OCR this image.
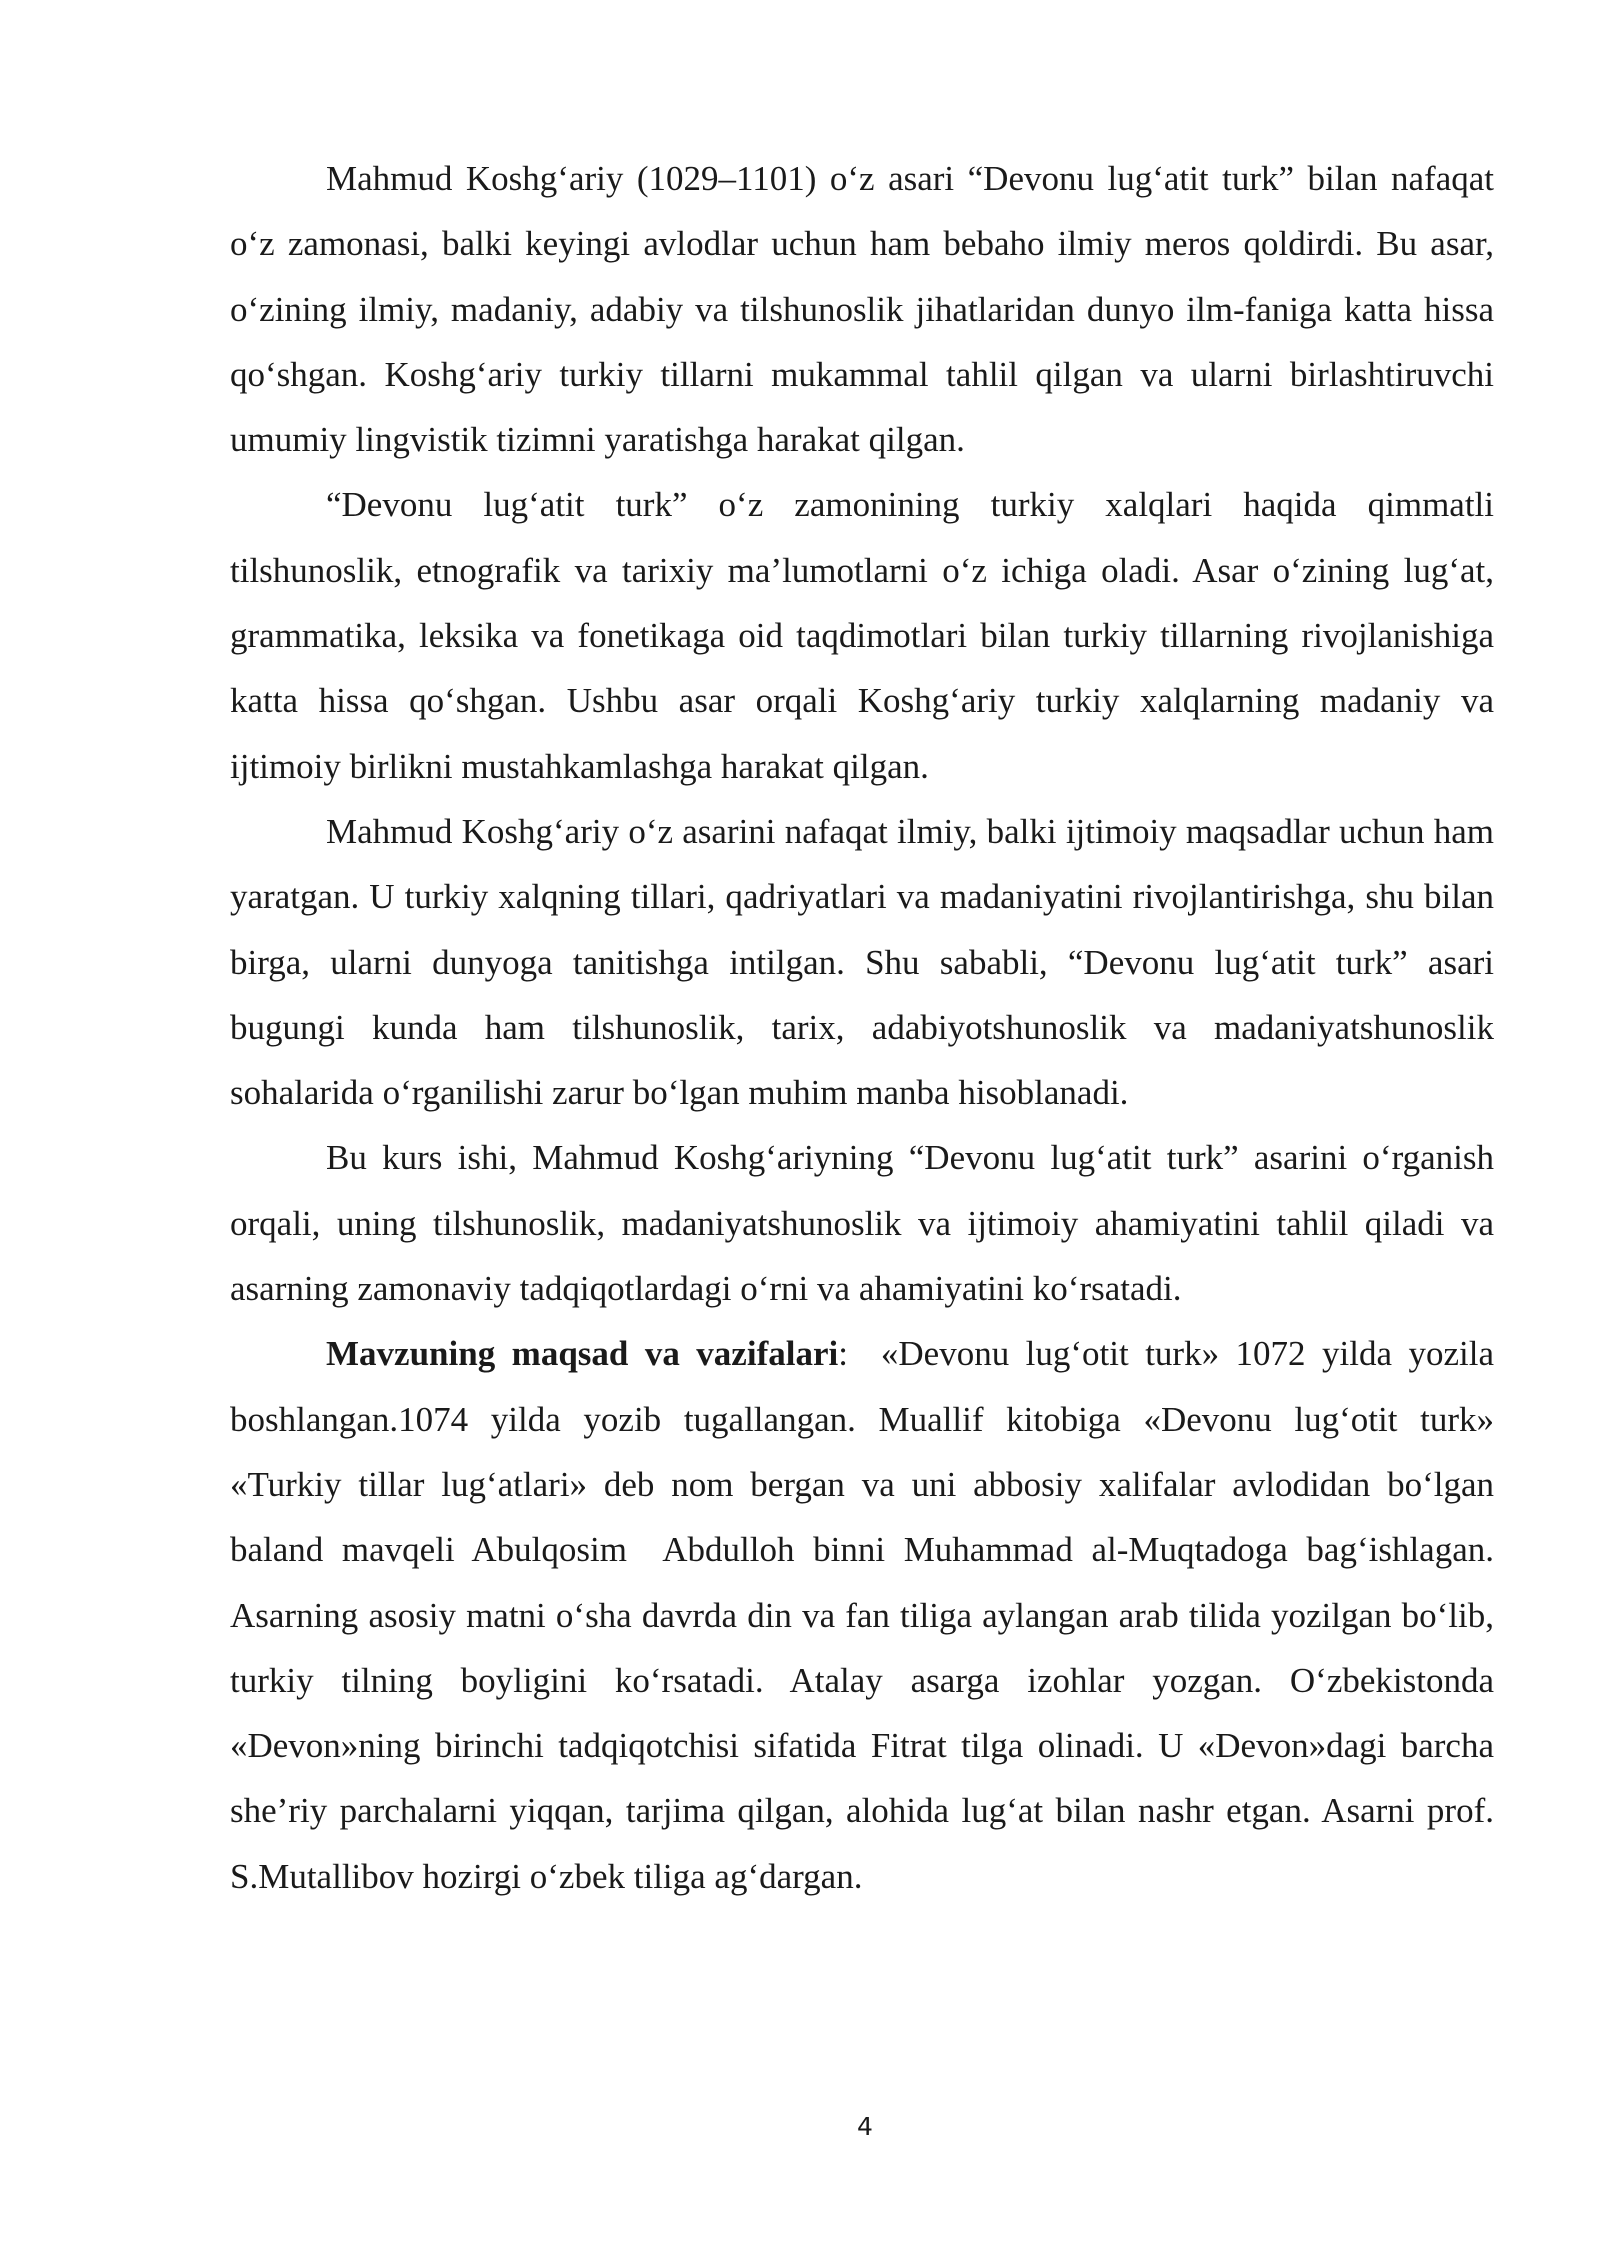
Mahmud Koshg‘ariy (1029–1101) o‘z asari “Devonu lug‘atit turk” bilan nafaqat o‘z zamonasi, balki keyingi avlodlar uchun ham bebaho ilmiy meros qoldirdi. Bu asar, o‘zining ilmiy, madaniy, adabiy va tilshunoslik jihatlaridan dunyo ilm-faniga katta hissa qo‘shgan. Koshg‘ariy turkiy tillarni mukammal tahlil qilgan va ularni birlashtiruvchi umumiy lingvistik tizimni yaratishga harakat qilgan.

“Devonu lug‘atit turk” o‘z zamonining turkiy xalqlari haqida qimmatli tilshunoslik, etnografik va tarixiy ma’lumotlarni o‘z ichiga oladi. Asar o‘zining lug‘at, grammatika, leksika va fonetikaga oid taqdimotlari bilan turkiy tillarning rivojlanishiga katta hissa qo‘shgan. Ushbu asar orqali Koshg‘ariy turkiy xalqlarning madaniy va ijtimoiy birlikni mustahkamlashga harakat qilgan.

Mahmud Koshg‘ariy o‘z asarini nafaqat ilmiy, balki ijtimoiy maqsadlar uchun ham yaratgan. U turkiy xalqning tillari, qadriyatlari va madaniyatini rivojlantirishga, shu bilan birga, ularni dunyoga tanitishga intilgan. Shu sababli, “Devonu lug‘atit turk” asari bugungi kunda ham tilshunoslik, tarix, adabiyotshunoslik va madaniyatshunoslik sohalarida o‘rganilishi zarur bo‘lgan muhim manba hisoblanadi.

Bu kurs ishi, Mahmud Koshg‘ariyning “Devonu lug‘atit turk” asarini o‘rganish orqali, uning tilshunoslik, madaniyatshunoslik va ijtimoiy ahamiyatini tahlil qiladi va asarning zamonaviy tadqiqotlardagi o‘rni va ahamiyatini ko‘rsatadi.

Mavzuning maqsad va vazifalari:  «Devonu lug‘otit turk» 1072 yilda yozila boshlangan.1074 yilda yozib tugallangan. Muallif kitobiga «Devonu lug‘otit turk» «Turkiy tillar lug‘atlari» deb nom bergan va uni abbosiy xalifalar avlodidan bo‘lgan baland mavqeli Abulqosim  Abdulloh binni Muhammad al-Muqtadoga bag‘ishlagan. Asarning asosiy matni o‘sha davrda din va fan tiliga aylangan arab tilida yozilgan bo‘lib, turkiy tilning boyligini ko‘rsatadi. Atalay asarga izohlar yozgan. O‘zbekistonda «Devon»ning birinchi tadqiqotchisi sifatida Fitrat tilga olinadi. U «Devon»dagi barcha she’riy parchalarni yiqqan, tarjima qilgan, alohida lug‘at bilan nashr etgan. Asarni prof. S.Mutallibov hozirgi o‘zbek tiliga ag‘dargan.

4
